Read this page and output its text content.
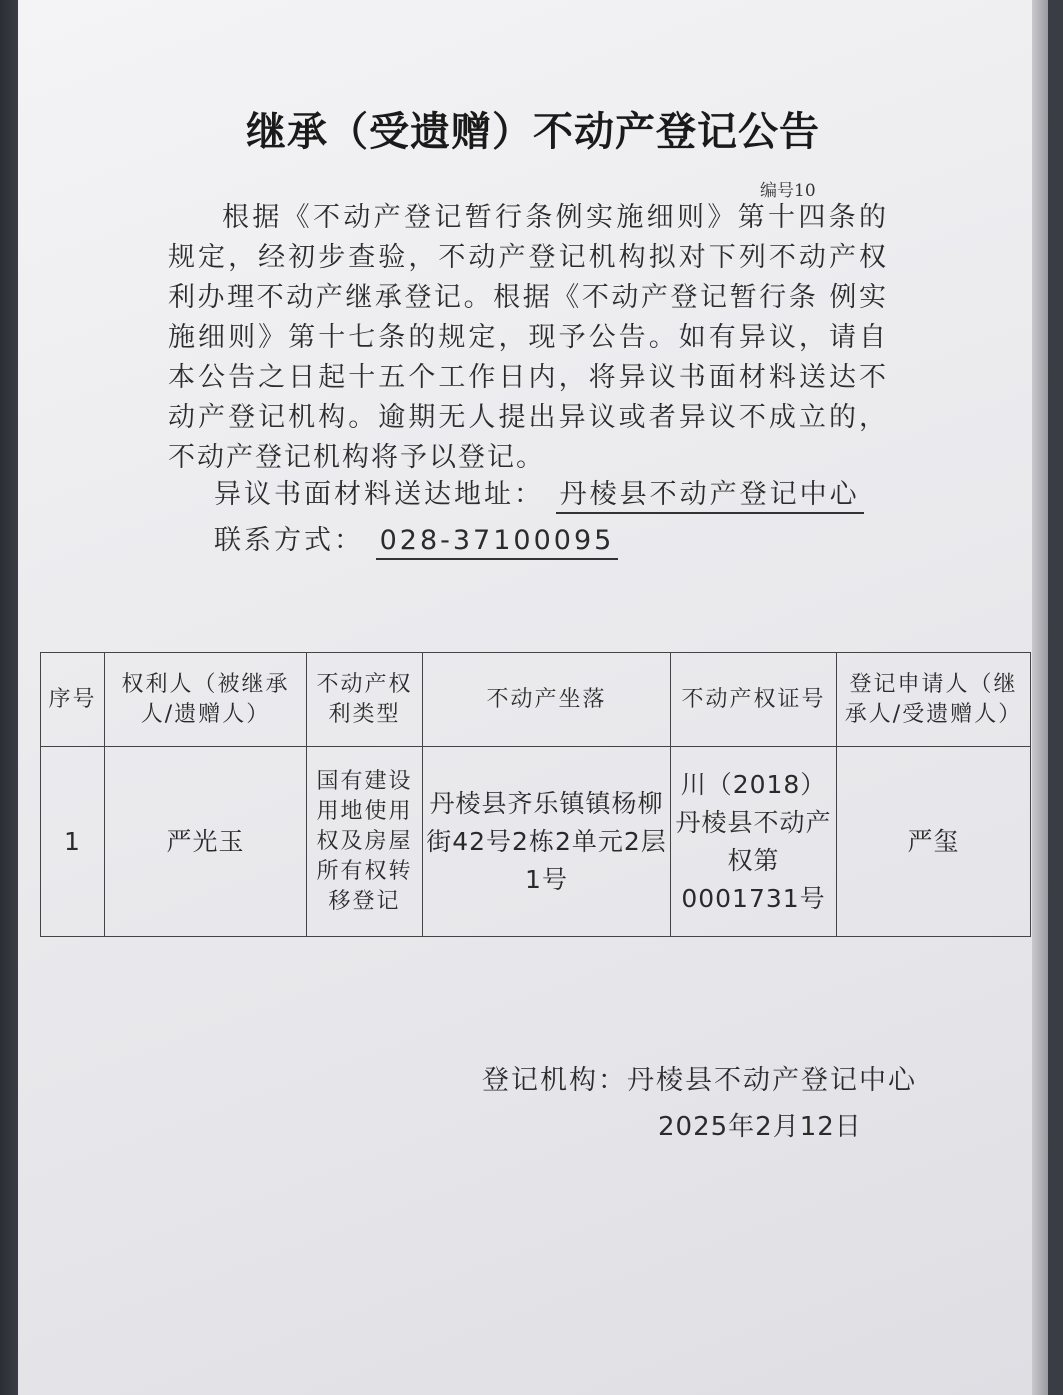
继承（受遗赠）不动产登记公告
编号10
根据《不动产登记暂行条例实施细则》第十四条的规定，经初步查验，不动产登记机构拟对下列不动产权利办理不动产继承登记。根据《不动产登记暂行条 例实施细则》第十七条的规定，现予公告。如有异议，请自本公告之日起十五个工作日内，将异议书面材料送达不动产登记机构。逾期无人提出异议或者异议不成立的，不动产登记机构将予以登记。
异议书面材料送达地址： 丹棱县不动产登记中心
联系方式： 028-37100095
序号	权利人（被继承人/遗赠人）	不动产权利类型	不动产坐落	不动产权证号	登记申请人（继承人/受遗赠人）
1	严光玉	国有建设用地使用权及房屋所有权转移登记	丹棱县齐乐镇镇杨柳街42号2栋2单元2层1号	川（2018）丹棱县不动产权第0001731号	严玺
登记机构：丹棱县不动产登记中心
2025年2月12日
